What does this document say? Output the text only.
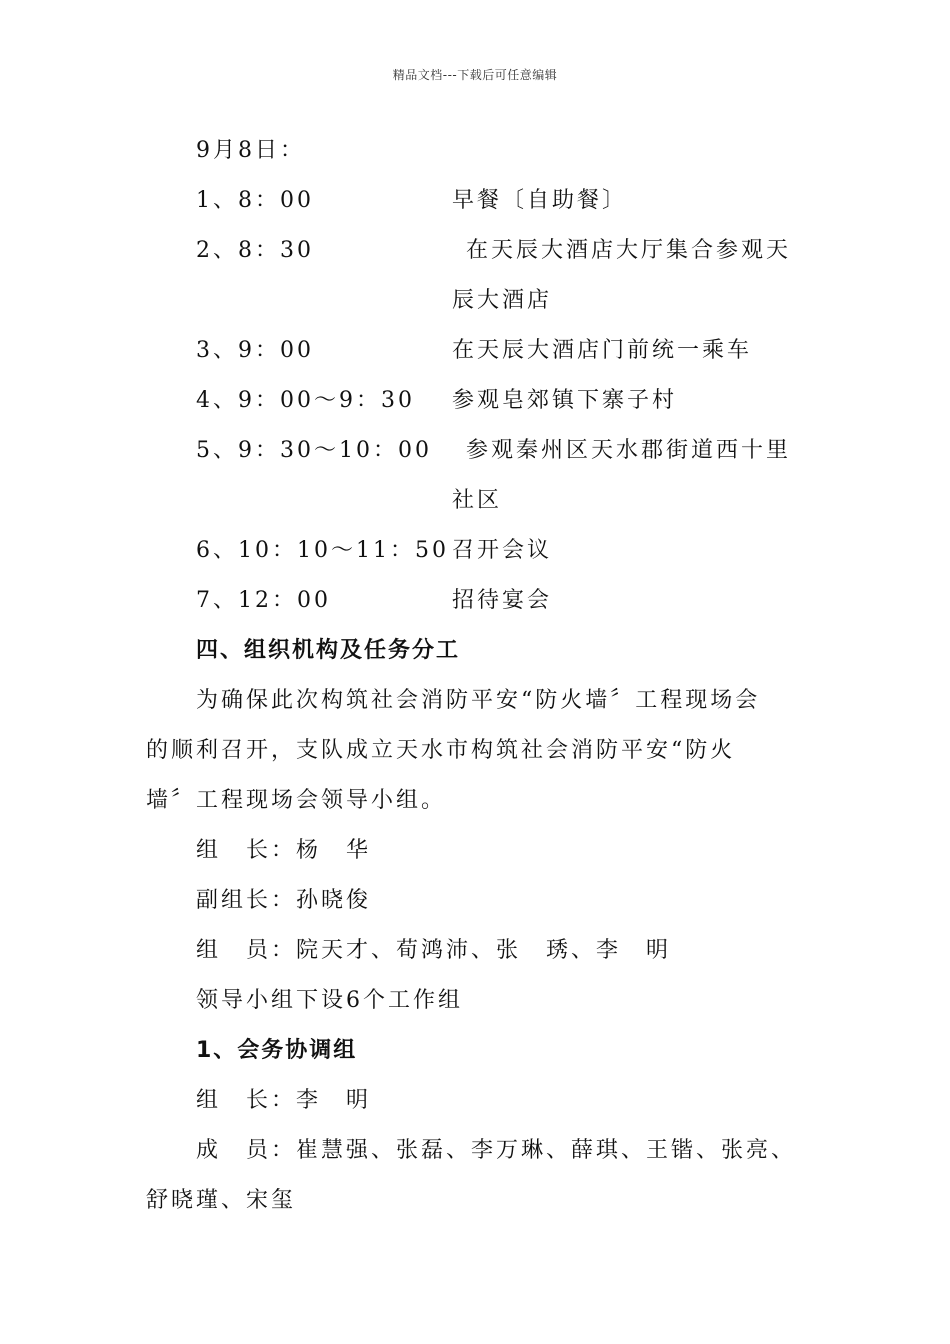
精品文档---下载后可任意编辑
9月8日：
1、8：00	早餐〔自助餐〕
2、8：30	在天辰大酒店大厅集合参观天
辰大酒店
3、9：00	在天辰大酒店门前统一乘车
4、9：00～9：30 参观皂郊镇下寨子村
5、9：30～10：00 参观秦州区天水郡街道西十里
社区
6、10：10～11：50 召开会议
7、12：00	招待宴会
四、组织机构及任务分工
为确保此次构筑社会消防平安“防火墙〞工程现场会
的顺利召开，支队成立天水市构筑社会消防平安“防火
墙〞工程现场会领导小组。
组　长：杨　华
副组长：孙晓俊
组　员：院天才、荀鸿沛、张　琇、李　明
领导小组下设6个工作组
1、会务协调组
组　长：李　明
成　员：崔慧强、张磊、李万琳、薛琪、王锴、张亮、
舒晓瑾、宋玺
